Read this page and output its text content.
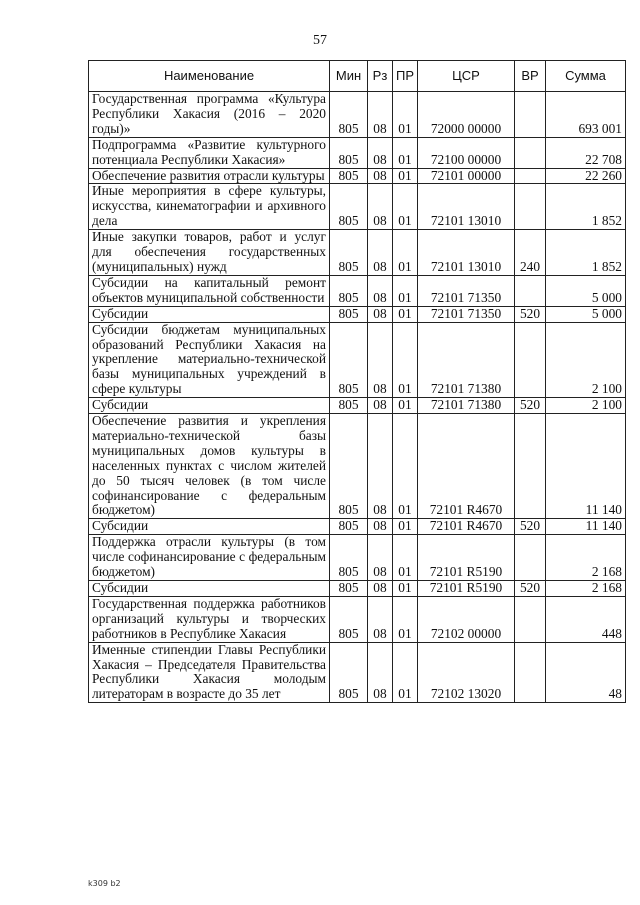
57
Наименование	Мин	Рз	ПР	ЦСР	ВР	Сумма
Государственная программа «Культура Республики Хакасия (2016 – 2020 годы)»	805	08	01	72000 00000		693 001
Подпрограмма «Развитие культурного потенциала Республики Хакасия»	805	08	01	72100 00000		22 708
Обеспечение развития отрасли культуры	805	08	01	72101 00000		22 260
Иные мероприятия в сфере культуры, искусства, кинематографии и архивного дела	805	08	01	72101 13010		1 852
Иные закупки товаров, работ и услуг для обеспечения государственных (муниципальных) нужд	805	08	01	72101 13010	240	1 852
Субсидии на капитальный ремонт объектов муниципальной собственности	805	08	01	72101 71350		5 000
Субсидии	805	08	01	72101 71350	520	5 000
Субсидии бюджетам муниципальных образований Республики Хакасия на укрепление материально-технической базы муниципальных учреждений в сфере культуры	805	08	01	72101 71380		2 100
Субсидии	805	08	01	72101 71380	520	2 100
Обеспечение развития и укрепления материально-технической базы муниципальных домов культуры в населенных пунктах с числом жителей до 50 тысяч человек (в том числе софинансирование с федеральным бюджетом)	805	08	01	72101 R4670		11 140
Субсидии	805	08	01	72101 R4670	520	11 140
Поддержка отрасли культуры (в том числе софинансирование с федеральным бюджетом)	805	08	01	72101 R5190		2 168
Субсидии	805	08	01	72101 R5190	520	2 168
Государственная поддержка работников организаций культуры и творческих работников в Республике Хакасия	805	08	01	72102 00000		448
Именные стипендии Главы Республики Хакасия – Председателя Правительства Республики Хакасия молодым литераторам в возрасте до 35 лет	805	08	01	72102 13020		48
k309 b2
